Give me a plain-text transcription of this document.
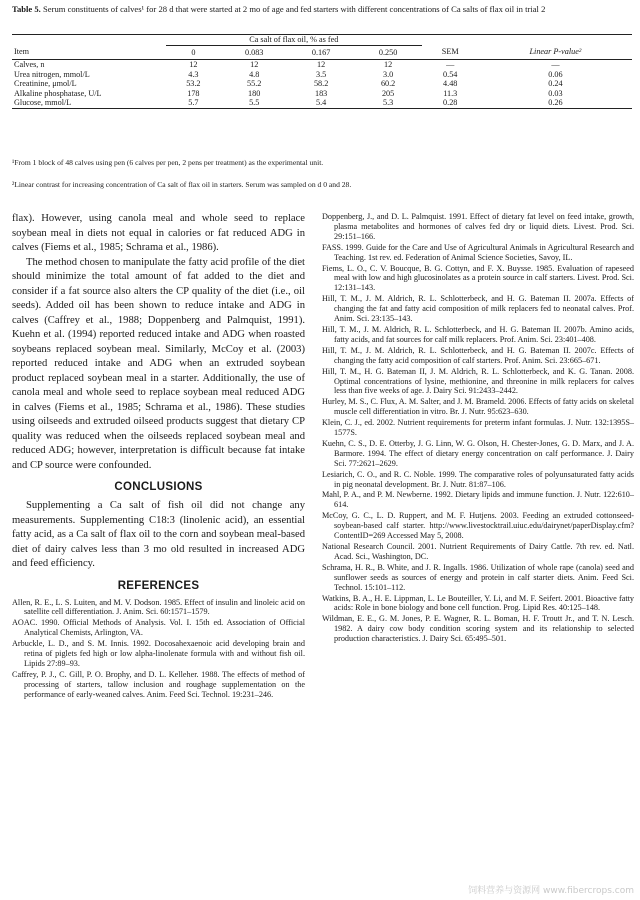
Table 5. Serum constituents of calves¹ for 28 d that were started at 2 mo of age and fed starters with different concentrations of Ca salts of flax oil in trial 2
	Ca salt of flax oil, % as fed					
Item	0	0.083	0.167	0.250	SEM	Linear P-value²
Calves, n	12	12	12	12	—	—
Urea nitrogen, mmol/L	4.3	4.8	3.5	3.0	0.54	0.06
Creatinine, μmol/L	53.2	55.2	58.2	60.2	4.48	0.24
Alkaline phosphatase, U/L	178	180	183	205	11.3	0.03
Glucose, mmol/L	5.7	5.5	5.4	5.3	0.28	0.26
¹From 1 block of 48 calves using pen (6 calves per pen, 2 pens per treatment) as the experimental unit.
²Linear contrast for increasing concentration of Ca salt of flax oil in starters. Serum was sampled on d 0 and 28.

flax). However, using canola meal and whole seed to replace soybean meal in diets not equal in calories or fat reduced ADG in calves (Fiems et al., 1985; Schrama et al., 1986).

The method chosen to manipulate the fatty acid profile of the diet should minimize the total amount of fat added to the diet and consider if a fat source also alters the CP quality of the diet (i.e., oil seeds). Added oil has been shown to reduce intake and ADG in calves (Caffrey et al., 1988; Doppenberg and Palmquist, 1991). Kuehn et al. (1994) reported reduced intake and ADG when roasted soybeans replaced soybean meal. Similarly, McCoy et al. (2003) reported reduced intake and ADG when an extruded soybean product replaced soybean meal in a starter. Additionally, the use of canola meal and whole seed to replace soybean meal reduced ADG in calves (Fiems et al., 1985; Schrama et al., 1986). These studies using oilseeds and extruded oilseed products suggest that dietary CP quality was reduced when the oilseeds replaced soybean meal and reduced ADG; however, interpretation is difficult because fat intake and CP source were confounded.

CONCLUSIONS

Supplementing a Ca salt of fish oil did not change any measurements. Supplementing C18:3 (linolenic acid), an essential fatty acid, as a Ca salt of flax oil to the corn and soybean meal-based diet of dairy calves less than 3 mo old resulted in increased ADG and feed efficiency.

REFERENCES

Allen, R. E., L. S. Luiten, and M. V. Dodson. 1985. Effect of insulin and linoleic acid on satellite cell differentiation. J. Anim. Sci. 60:1571–1579.

AOAC. 1990. Official Methods of Analysis. Vol. I. 15th ed. Association of Official Analytical Chemists, Arlington, VA.

Arbuckle, L. D., and S. M. Innis. 1992. Docosahexaenoic acid developing brain and retina of piglets fed high or low alpha-linolenate formula with and without fish oil. Lipids 27:89–93.

Caffrey, P. J., C. Gill, P. O. Brophy, and D. L. Kelleher. 1988. The effects of method of processing of starters, tallow inclusion and roughage supplementation on the performance of early-weaned calves. Anim. Feed Sci. Technol. 19:231–246.

Doppenberg, J., and D. L. Palmquist. 1991. Effect of dietary fat level on feed intake, growth, plasma metabolites and hormones of calves fed dry or liquid diets. Livest. Prod. Sci. 29:151–166.

FASS. 1999. Guide for the Care and Use of Agricultural Animals in Agricultural Research and Teaching. 1st rev. ed. Federation of Animal Science Societies, Savoy, IL.

Fiems, L. O., C. V. Boucque, B. G. Cottyn, and F. X. Buysse. 1985. Evaluation of rapeseed meal with low and high glucosinolates as a protein source in calf starters. Livest. Prod. Sci. 12:131–143.

Hill, T. M., J. M. Aldrich, R. L. Schlotterbeck, and H. G. Bateman II. 2007a. Effects of changing the fat and fatty acid composition of milk replacers fed to neonatal calves. Prof. Anim. Sci. 23:135–143.

Hill, T. M., J. M. Aldrich, R. L. Schlotterbeck, and H. G. Bateman II. 2007b. Amino acids, fatty acids, and fat sources for calf milk replacers. Prof. Anim. Sci. 23:401–408.

Hill, T. M., J. M. Aldrich, R. L. Schlotterbeck, and H. G. Bateman II. 2007c. Effects of changing the fatty acid composition of calf starters. Prof. Anim. Sci. 23:665–671.

Hill, T. M., H. G. Bateman II, J. M. Aldrich, R. L. Schlotterbeck, and K. G. Tanan. 2008. Optimal concentrations of lysine, methionine, and threonine in milk replacers for calves less than five weeks of age. J. Dairy Sci. 91:2433–2442.

Hurley, M. S., C. Flux, A. M. Salter, and J. M. Brameld. 2006. Effects of fatty acids on skeletal muscle cell differentiation in vitro. Br. J. Nutr. 95:623–630.

Klein, C. J., ed. 2002. Nutrient requirements for preterm infant formulas. J. Nutr. 132:1395S–1577S.

Kuehn, C. S., D. E. Otterby, J. G. Linn, W. G. Olson, H. Chester-Jones, G. D. Marx, and J. A. Barmore. 1994. The effect of dietary energy concentration on calf performance. J. Dairy Sci. 77:2621–2629.

Lesiarich, C. O., and R. C. Noble. 1999. The comparative roles of polyunsaturated fatty acids in pig neonatal development. Br. J. Nutr. 81:87–106.

Mahl, P. A., and P. M. Newberne. 1992. Dietary lipids and immune function. J. Nutr. 122:610–614.

McCoy, G. C., L. D. Ruppert, and M. F. Hutjens. 2003. Feeding an extruded cottonseed-soybean-based calf starter. http://www.livestocktrail.uiuc.edu/dairynet/paperDisplay.cfm?ContentID=269 Accessed May 5, 2008.

National Research Council. 2001. Nutrient Requirements of Dairy Cattle. 7th rev. ed. Natl. Acad. Sci., Washington, DC.

Schrama, H. R., B. White, and J. R. Ingalls. 1986. Utilization of whole rape (canola) seed and sunflower seeds as sources of energy and protein in calf starter diets. Anim. Feed Sci. Technol. 15:101–112.

Watkins, B. A., H. E. Lippman, L. Le Bouteiller, Y. Li, and M. F. Seifert. 2001. Bioactive fatty acids: Role in bone biology and bone cell function. Prog. Lipid Res. 40:125–148.

Wildman, E. E., G. M. Jones, P. E. Wagner, R. L. Boman, H. F. Troutt Jr., and T. N. Lesch. 1982. A dairy cow body condition scoring system and its relationship to selected production characteristics. J. Dairy Sci. 65:495–501.

饲料营养与资源网 www.fibercrops.com
